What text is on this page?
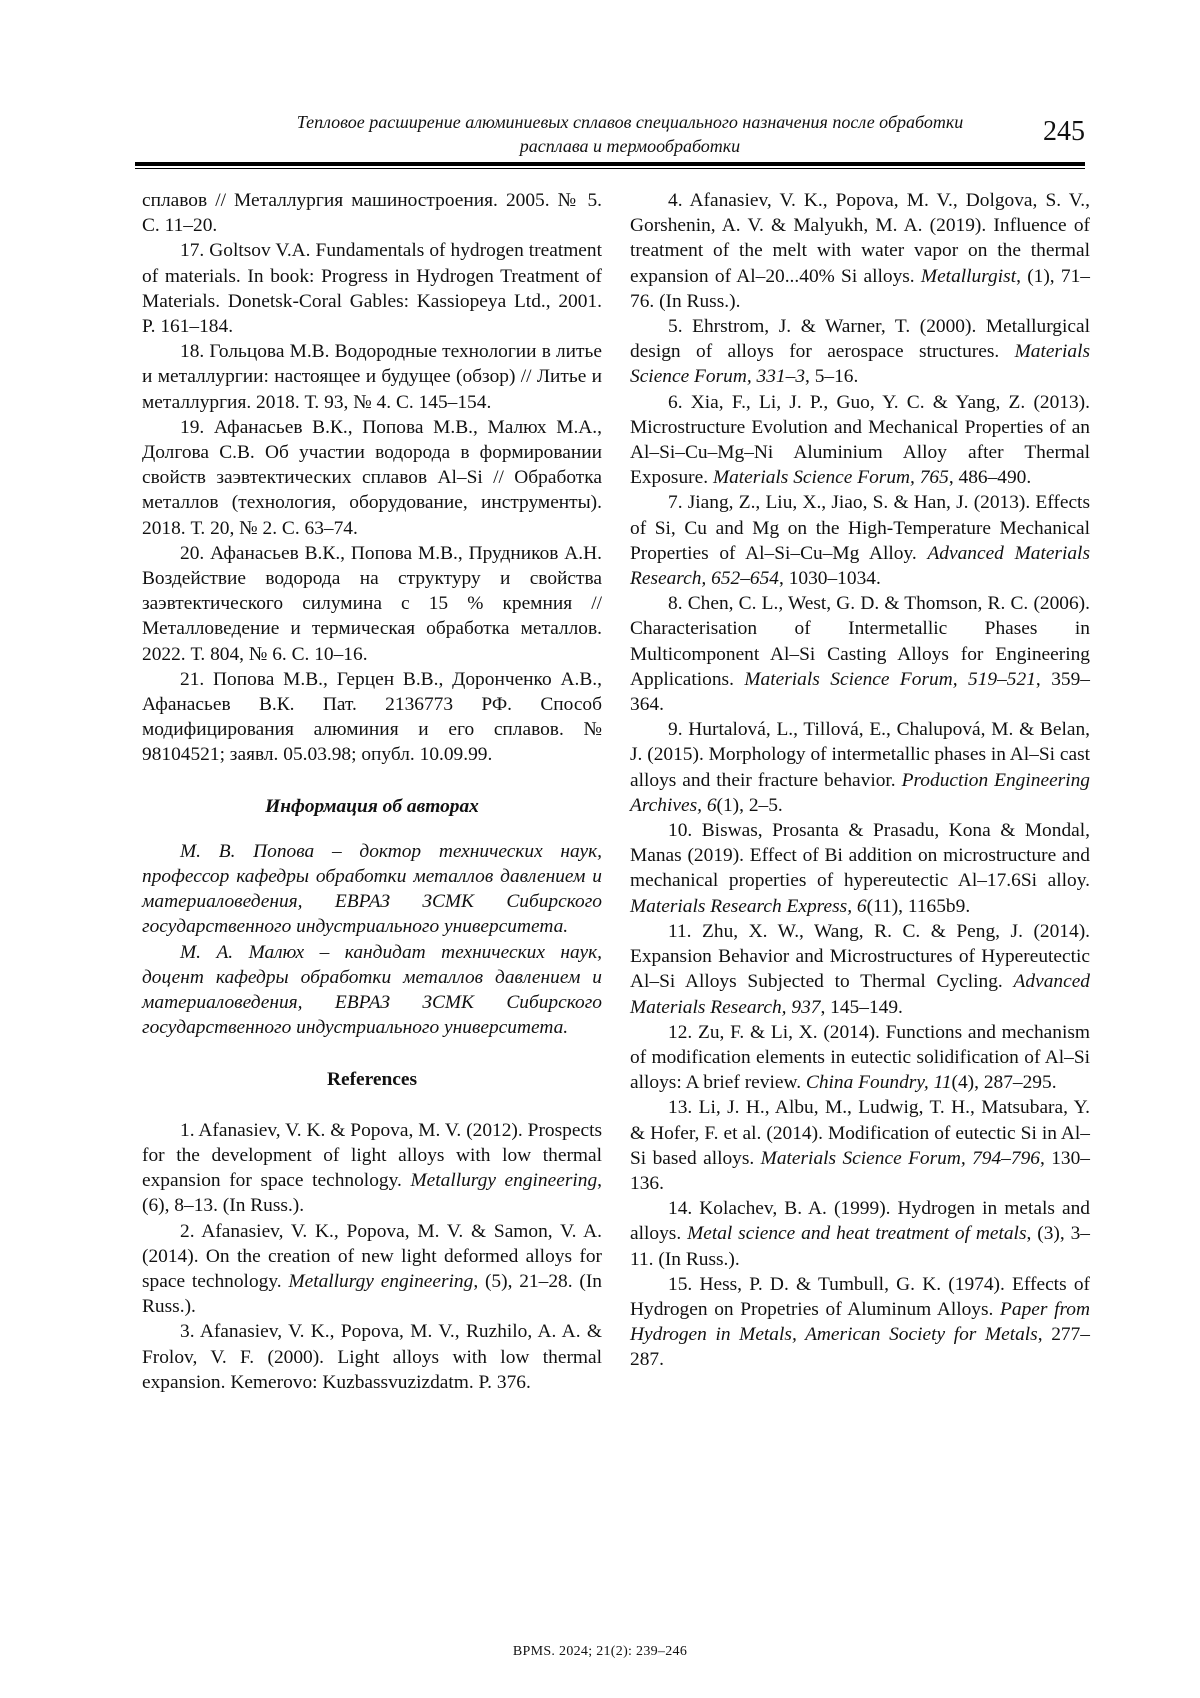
Тепловое расширение алюминиевых сплавов специального назначения после обработки
расплава и термообработки	245

сплавов // Металлургия машиностроения. 2005. № 5. С. 11–20.

17. Goltsov V.A. Fundamentals of hydrogen treatment of materials. In book: Progress in Hydrogen Treatment of Materials. Donetsk-Coral Gables: Kassiopeya Ltd., 2001. P. 161–184.

18. Гольцова М.В. Водородные технологии в литье и металлургии: настоящее и будущее (обзор) // Литье и металлургия. 2018. Т. 93, № 4. С. 145–154.

19. Афанасьев В.К., Попова М.В., Малюх М.А., Долгова С.В. Об участии водорода в формировании свойств заэвтектических сплавов Al–Si // Обработка металлов (технология, оборудование, инструменты). 2018. Т. 20, № 2. С. 63–74.

20. Афанасьев В.К., Попова М.В., Прудников А.Н. Воздействие водорода на структуру и свойства заэвтектического силумина с 15 % кремния // Металловедение и термическая обработка металлов. 2022. Т. 804, № 6. С. 10–16.

21. Попова М.В., Герцен В.В., Доронченко А.В., Афанасьев В.К. Пат. 2136773 РФ. Способ модифицирования алюминия и его сплавов. № 98104521; заявл. 05.03.98; опубл. 10.09.99.

Информация об авторах

М. В. Попова – доктор технических наук, профессор кафедры обработки металлов давлением и материаловедения, ЕВРАЗ ЗСМК Сибирского государственного индустриального университета.

М. А. Малюх – кандидат технических наук, доцент кафедры обработки металлов давлением и материаловедения, ЕВРАЗ ЗСМК Сибирского государственного индустриального университета.

References

1. Afanasiev, V. K. & Popova, M. V. (2012). Prospects for the development of light alloys with low thermal expansion for space technology. Metallurgy engineering, (6), 8–13. (In Russ.).

2. Afanasiev, V. K., Popova, M. V. & Samon, V. A. (2014). On the creation of new light deformed alloys for space technology. Metallurgy engineering, (5), 21–28. (In Russ.).

3. Afanasiev, V. K., Popova, M. V., Ruzhilo, A. A. & Frolov, V. F. (2000). Light alloys with low thermal expansion. Kemerovo: Kuzbassvuzizdatm. P. 376.

4. Afanasiev, V. K., Popova, M. V., Dolgova, S. V., Gorshenin, A. V. & Malyukh, M. A. (2019). Influence of treatment of the melt with water vapor on the thermal expansion of Al–20...40% Si alloys. Metallurgist, (1), 71–76. (In Russ.).

5. Ehrstrom, J. & Warner, T. (2000). Metallurgical design of alloys for aerospace structures. Materials Science Forum, 331–3, 5–16.

6. Xia, F., Li, J. P., Guo, Y. C. & Yang, Z. (2013). Microstructure Evolution and Mechanical Properties of an Al–Si–Cu–Mg–Ni Aluminium Alloy after Thermal Exposure. Materials Science Forum, 765, 486–490.

7. Jiang, Z., Liu, X., Jiao, S. & Han, J. (2013). Effects of Si, Cu and Mg on the High-Temperature Mechanical Properties of Al–Si–Cu–Mg Alloy. Advanced Materials Research, 652–654, 1030–1034.

8. Chen, C. L., West, G. D. & Thomson, R. C. (2006). Characterisation of Intermetallic Phases in Multicomponent Al–Si Casting Alloys for Engineering Applications. Materials Science Forum, 519–521, 359–364.

9. Hurtalová, L., Tillová, E., Chalupová, M. & Belan, J. (2015). Morphology of intermetallic phases in Al–Si cast alloys and their fracture behavior. Production Engineering Archives, 6(1), 2–5.

10. Biswas, Prosanta & Prasadu, Kona & Mondal, Manas (2019). Effect of Bi addition on microstructure and mechanical properties of hypereutectic Al–17.6Si alloy. Materials Research Express, 6(11), 1165b9.

11. Zhu, X. W., Wang, R. C. & Peng, J. (2014). Expansion Behavior and Microstructures of Hypereutectic Al–Si Alloys Subjected to Thermal Cycling. Advanced Materials Research, 937, 145–149.

12. Zu, F. & Li, X. (2014). Functions and mechanism of modification elements in eutectic solidification of Al–Si alloys: A brief review. China Foundry, 11(4), 287–295.

13. Li, J. H., Albu, M., Ludwig, T. H., Matsubara, Y. & Hofer, F. et al. (2014). Modification of eutectic Si in Al–Si based alloys. Materials Science Forum, 794–796, 130–136.

14. Kolachev, B. A. (1999). Hydrogen in metals and alloys. Metal science and heat treatment of metals, (3), 3–11. (In Russ.).

15. Hess, P. D. & Tumbull, G. K. (1974). Effects of Hydrogen on Propetries of Aluminum Alloys. Paper from Hydrogen in Metals, American Society for Metals, 277–287.

BPMS. 2024; 21(2): 239–246
